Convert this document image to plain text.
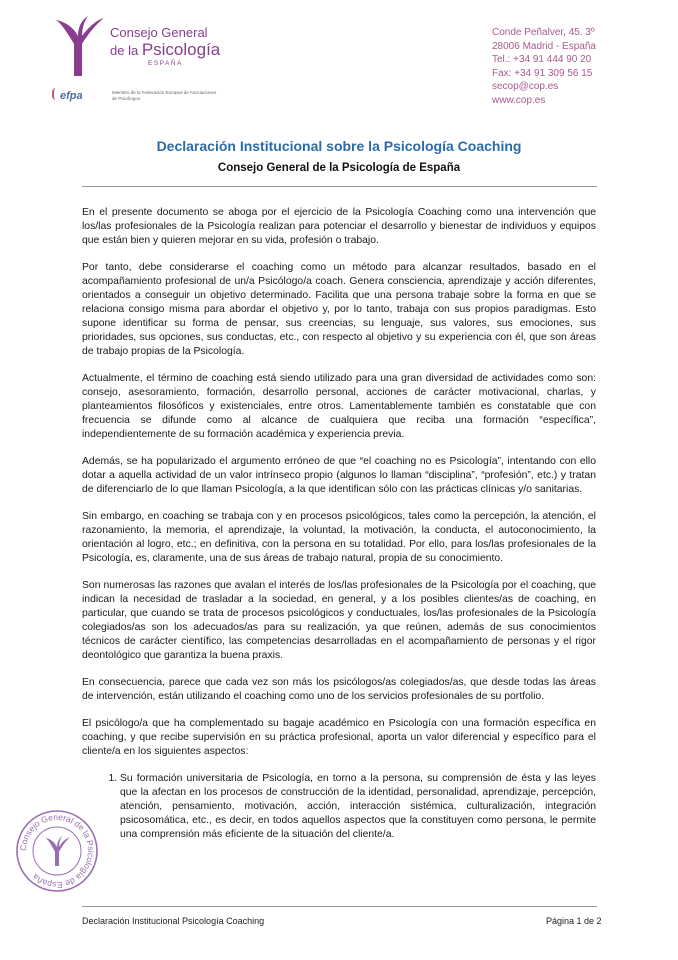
Consejo General
de la Psicología
ESPAÑA
efpa	Miembro de la Federación Europea de Asociaciones de Psicólogos
Conde Peñalver, 45. 3º
28006 Madrid - España
Tel.: +34 91 444 90 20
Fax: +34 91 309 56 15
secop@cop.es
www.cop.es
Declaración Institucional sobre la Psicología Coaching
Consejo General de la Psicología de España

En el presente documento se aboga por el ejercicio de la Psicología Coaching como una intervención que los/las profesionales de la Psicología realizan para potenciar el desarrollo y bienestar de individuos y equipos que están bien y quieren mejorar en su vida, profesión o trabajo.

Por tanto, debe considerarse el coaching como un método para alcanzar resultados, basado en el acompañamiento profesional de un/a Psicólogo/a coach. Genera consciencia, aprendizaje y acción diferentes, orientados a conseguir un objetivo determinado. Facilita que una persona trabaje sobre la forma en que se relaciona consigo misma para abordar el objetivo y, por lo tanto, trabaja con sus propios paradigmas. Esto supone identificar su forma de pensar, sus creencias, su lenguaje, sus valores, sus emociones, sus prioridades, sus opciones, sus conductas, etc., con respecto al objetivo y su experiencia con él, que son áreas de trabajo propias de la Psicología.

Actualmente, el término de coaching está siendo utilizado para una gran diversidad de actividades como son: consejo, asesoramiento, formación, desarrollo personal, acciones de carácter motivacional, charlas, y planteamientos filosóficos y existenciales, entre otros. Lamentablemente también es constatable que con frecuencia se difunde como al alcance de cualquiera que reciba una formación “específica”, independientemente de su formación académica y experiencia previa.

Además, se ha popularizado el argumento erróneo de que “el coaching no es Psicología”, intentando con ello dotar a aquella actividad de un valor intrínseco propio (algunos lo llaman “disciplina”, “profesión”, etc.) y tratan de diferenciarlo de lo que llaman Psicología, a la que identifican sólo con las prácticas clínicas y/o sanitarias.

Sin embargo, en coaching se trabaja con y en procesos psicológicos, tales como la percepción, la atención, el razonamiento, la memoria, el aprendizaje, la voluntad, la motivación, la conducta, el autoconocimiento, la orientación al logro, etc.; en definitiva, con la persona en su totalidad. Por ello, para los/las profesionales de la Psicología, es, claramente, una de sus áreas de trabajo natural, propia de su conocimiento.

Son numerosas las razones que avalan el interés de los/las profesionales de la Psicología por el coaching, que indican la necesidad de trasladar a la sociedad, en general, y a los posibles clientes/as de coaching, en particular, que cuando se trata de procesos psicológicos y conductuales, los/las profesionales de la Psicología colegiados/as son los adecuados/as para su realización, ya que reúnen, además de sus conocimientos técnicos de carácter científico, las competencias desarrolladas en el acompañamiento de personas y el rigor deontológico que garantiza la buena praxis.

En consecuencia, parece que cada vez son más los psicólogos/as colegiados/as, que desde todas las áreas de intervención, están utilizando el coaching como uno de los servicios profesionales de su portfolio.

El psicólogo/a que ha complementado su bagaje académico en Psicología con una formación específica en coaching, y que recibe supervisión en su práctica profesional, aporta un valor diferencial y específico para el cliente/a en los siguientes aspectos:

1. Su formación universitaria de Psicología, en torno a la persona, su comprensión de ésta y las leyes que la afectan en los procesos de construcción de la identidad, personalidad, aprendizaje, percepción, atención, pensamiento, motivación, acción, interacción sistémica, culturalización, integración psicosomática, etc., es decir, en todos aquellos aspectos que la constituyen como persona, le permite una comprensión más eficiente de la situación del cliente/a.
Consejo General de la Psicología de España
Declaración Institucional Psicología Coaching	Página 1 de 2
